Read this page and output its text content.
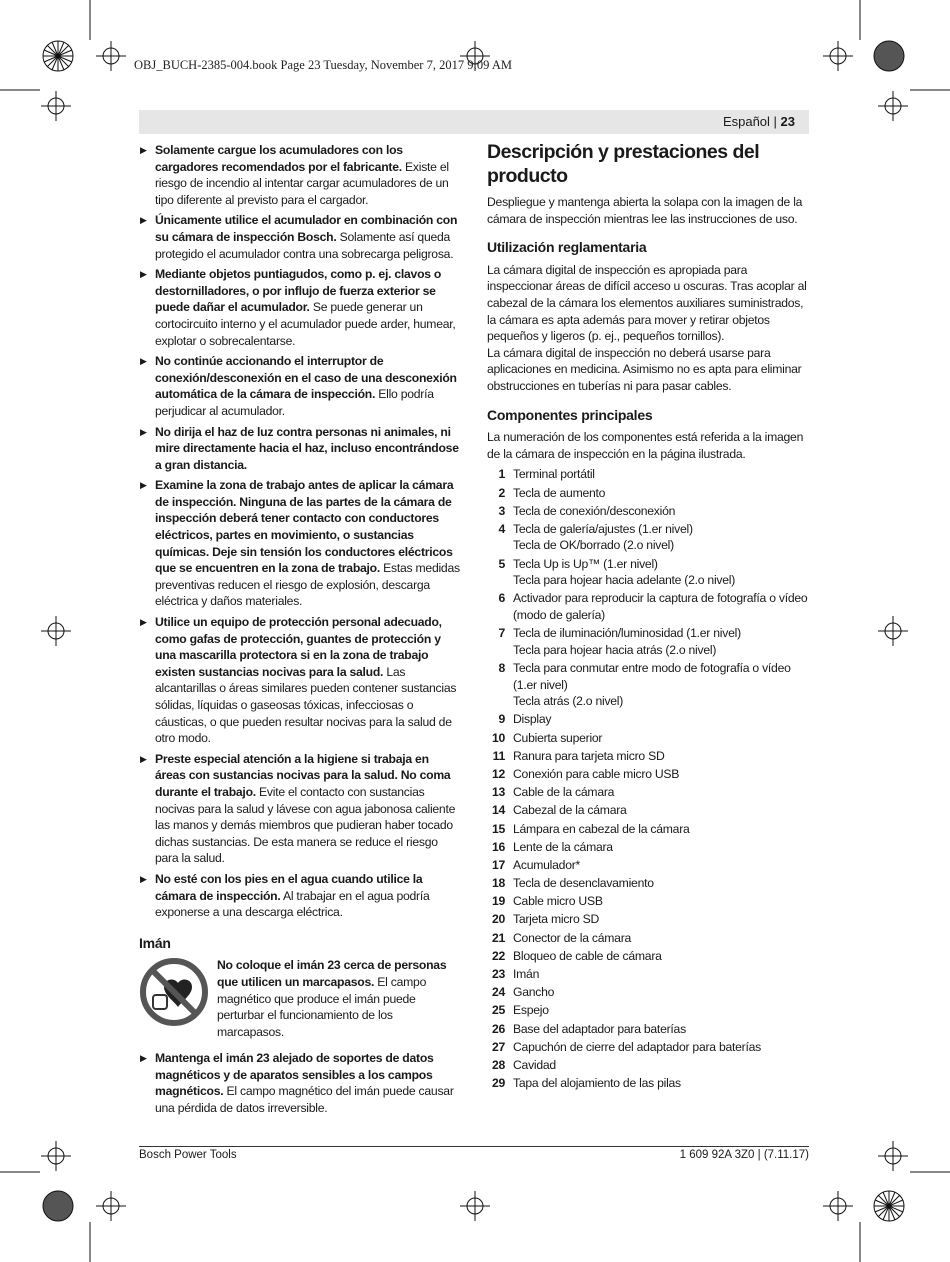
OBJ_BUCH-2385-004.book Page 23 Tuesday, November 7, 2017 9:09 AM
Español | 23
▶ Solamente cargue los acumuladores con los cargadores recomendados por el fabricante. Existe el riesgo de incendio al intentar cargar acumuladores de un tipo diferente al previsto para el cargador.
▶ Únicamente utilice el acumulador en combinación con su cámara de inspección Bosch. Solamente así queda protegido el acumulador contra una sobrecarga peligrosa.
▶ Mediante objetos puntiagudos, como p. ej. clavos o destornilladores, o por influjo de fuerza exterior se puede dañar el acumulador. Se puede generar un cortocircuito interno y el acumulador puede arder, humear, explotar o sobrecalentarse.
▶ No continúe accionando el interruptor de conexión/desconexión en el caso de una desconexión automática de la cámara de inspección. Ello podría perjudicar al acumulador.
▶ No dirija el haz de luz contra personas ni animales, ni mire directamente hacia el haz, incluso encontrándose a gran distancia.
▶ Examine la zona de trabajo antes de aplicar la cámara de inspección. Ninguna de las partes de la cámara de inspección deberá tener contacto con conductores eléctricos, partes en movimiento, o sustancias químicas. Deje sin tensión los conductores eléctricos que se encuentren en la zona de trabajo. Estas medidas preventivas reducen el riesgo de explosión, descarga eléctrica y daños materiales.
▶ Utilice un equipo de protección personal adecuado, como gafas de protección, guantes de protección y una mascarilla protectora si en la zona de trabajo existen sustancias nocivas para la salud. Las alcantarillas o áreas similares pueden contener sustancias sólidas, líquidas o gaseosas tóxicas, infecciosas o cáusticas, o que pueden resultar nocivas para la salud de otro modo.
▶ Preste especial atención a la higiene si trabaja en áreas con sustancias nocivas para la salud. No coma durante el trabajo. Evite el contacto con sustancias nocivas para la salud y lávese con agua jabonosa caliente las manos y demás miembros que pudieran haber tocado dichas sustancias. De esta manera se reduce el riesgo para la salud.
▶ No esté con los pies en el agua cuando utilice la cámara de inspección. Al trabajar en el agua podría exponerse a una descarga eléctrica.
Imán
No coloque el imán 23 cerca de personas que utilicen un marcapasos. El campo magnético que produce el imán puede perturbar el funcionamiento de los marcapasos.
▶ Mantenga el imán 23 alejado de soportes de datos magnéticos y de aparatos sensibles a los campos magnéticos. El campo magnético del imán puede causar una pérdida de datos irreversible.
Descripción y prestaciones del producto

Despliegue y mantenga abierta la solapa con la imagen de la cámara de inspección mientras lee las instrucciones de uso.

Utilización reglamentaria

La cámara digital de inspección es apropiada para inspeccionar áreas de difícil acceso u oscuras. Tras acoplar al cabezal de la cámara los elementos auxiliares suministrados, la cámara es apta además para mover y retirar objetos pequeños y ligeros (p. ej., pequeños tornillos).

La cámara digital de inspección no deberá usarse para aplicaciones en medicina. Asimismo no es apta para eliminar obstrucciones en tuberías ni para pasar cables.

Componentes principales

La numeración de los componentes está referida a la imagen de la cámara de inspección en la página ilustrada.

1 Terminal portátil
2 Tecla de aumento
3 Tecla de conexión/desconexión
4 Tecla de galería/ajustes (1.er nivel)
Tecla de OK/borrado (2.o nivel)
5 Tecla Up is Up™ (1.er nivel)
Tecla para hojear hacia adelante (2.o nivel)
6 Activador para reproducir la captura de fotografía o vídeo (modo de galería)
7 Tecla de iluminación/luminosidad (1.er nivel)
Tecla para hojear hacia atrás (2.o nivel)
8 Tecla para conmutar entre modo de fotografía o vídeo (1.er nivel)
Tecla atrás (2.o nivel)
9 Display
10 Cubierta superior
11 Ranura para tarjeta micro SD
12 Conexión para cable micro USB
13 Cable de la cámara
14 Cabezal de la cámara
15 Lámpara en cabezal de la cámara
16 Lente de la cámara
17 Acumulador*
18 Tecla de desenclavamiento
19 Cable micro USB
20 Tarjeta micro SD
21 Conector de la cámara
22 Bloqueo de cable de cámara
23 Imán
24 Gancho
25 Espejo
26 Base del adaptador para baterías
27 Capuchón de cierre del adaptador para baterías
28 Cavidad
29 Tapa del alojamiento de las pilas
Bosch Power Tools	1 609 92A 3Z0 | (7.11.17)
